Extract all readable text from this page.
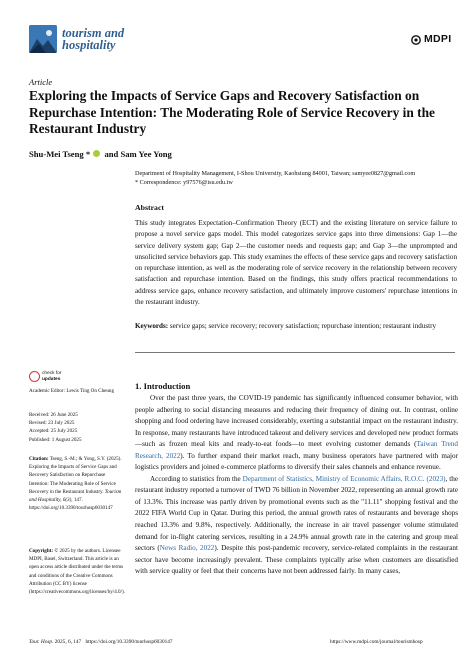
tourism and
hospitality	MDPI
Article
Exploring the Impacts of Service Gaps and Recovery Satisfaction on Repurchase Intention: The Moderating Role of Service Recovery in the Restaurant Industry
Shu-Mei Tseng * and Sam Yee Yong
Department of Hospitality Management, I-Shou University, Kaohsiung 84001, Taiwan; samyee0827@gmail.com
* Correspondence: y97576@isu.edu.tw
Abstract
This study integrates Expectation–Confirmation Theory (ECT) and the existing literature on service failure to propose a novel service gaps model. This model categorizes service gaps into three dimensions: Gap 1—the service delivery system gap; Gap 2—the customer needs and requests gap; and Gap 3—the unprompted and unsolicited service behaviors gap. This study examines the effects of these service gaps and recovery satisfaction on repurchase intention, as well as the moderating role of service recovery in the relationship between recovery satisfaction and repurchase intention. Based on the findings, this study offers practical recommendations to address service gaps, enhance recovery satisfaction, and ultimately improve customers' repurchase intentions in the restaurant industry.
Keywords: service gaps; service recovery; recovery satisfaction; repurchase intention; restaurant industry
check for
updates
Academic Editor: Lewis Ting On Cheung
Received: 26 June 2025
Revised: 23 July 2025
Accepted: 25 July 2025
Published: 1 August 2025
Citation: Tseng, S.-M.; & Yong, S.Y. (2025). Exploring the Impacts of Service Gaps and Recovery Satisfaction on Repurchase Intention: The Moderating Role of Service Recovery in the Restaurant Industry. Tourism and Hospitality, 6(3), 147. https://doi.org/10.3390/tourhosp6030147
Copyright: © 2025 by the authors. Licensee MDPI, Basel, Switzerland. This article is an open access article distributed under the terms and conditions of the Creative Commons Attribution (CC BY) license (https://creativecommons.org/licenses/by/4.0/).
1. Introduction
Over the past three years, the COVID-19 pandemic has significantly influenced consumer behavior, with people adhering to social distancing measures and reducing their frequency of dining out. In contrast, online shopping and food ordering have increased considerably, exerting a substantial impact on the restaurant industry. In response, many restaurants have introduced takeout and delivery services and developed new product formats—such as frozen meal kits and ready-to-eat foods—to meet evolving customer demands (Taiwan Trend Research, 2022). To further expand their market reach, many business operators have partnered with major logistics providers and joined e-commerce platforms to diversify their sales channels and enhance revenue.
According to statistics from the Department of Statistics, Ministry of Economic Affairs, R.O.C. (2023), the restaurant industry reported a turnover of TWD 76 billion in November 2022, representing an annual growth rate of 13.3%. This increase was partly driven by promotional events such as the "11.11" shopping festival and the 2022 FIFA World Cup in Qatar. During this period, the annual growth rates of restaurants and beverage shops reached 13.3% and 9.8%, respectively. Additionally, the increase in air travel passenger volume stimulated demand for in-flight catering services, resulting in a 24.9% annual growth rate in the catering and group meal sectors (News Radio, 2022). Despite this post-pandemic recovery, service-related complaints in the restaurant sector have become increasingly prevalent. These complaints typically arise when customers are dissatisfied with service quality or feel that their concerns have not been addressed fairly. In many cases,
Tour. Hosp. 2025, 6, 147 https://doi.org/10.3390/tourhosp6030147	https://www.mdpi.com/journal/tourismhosp
